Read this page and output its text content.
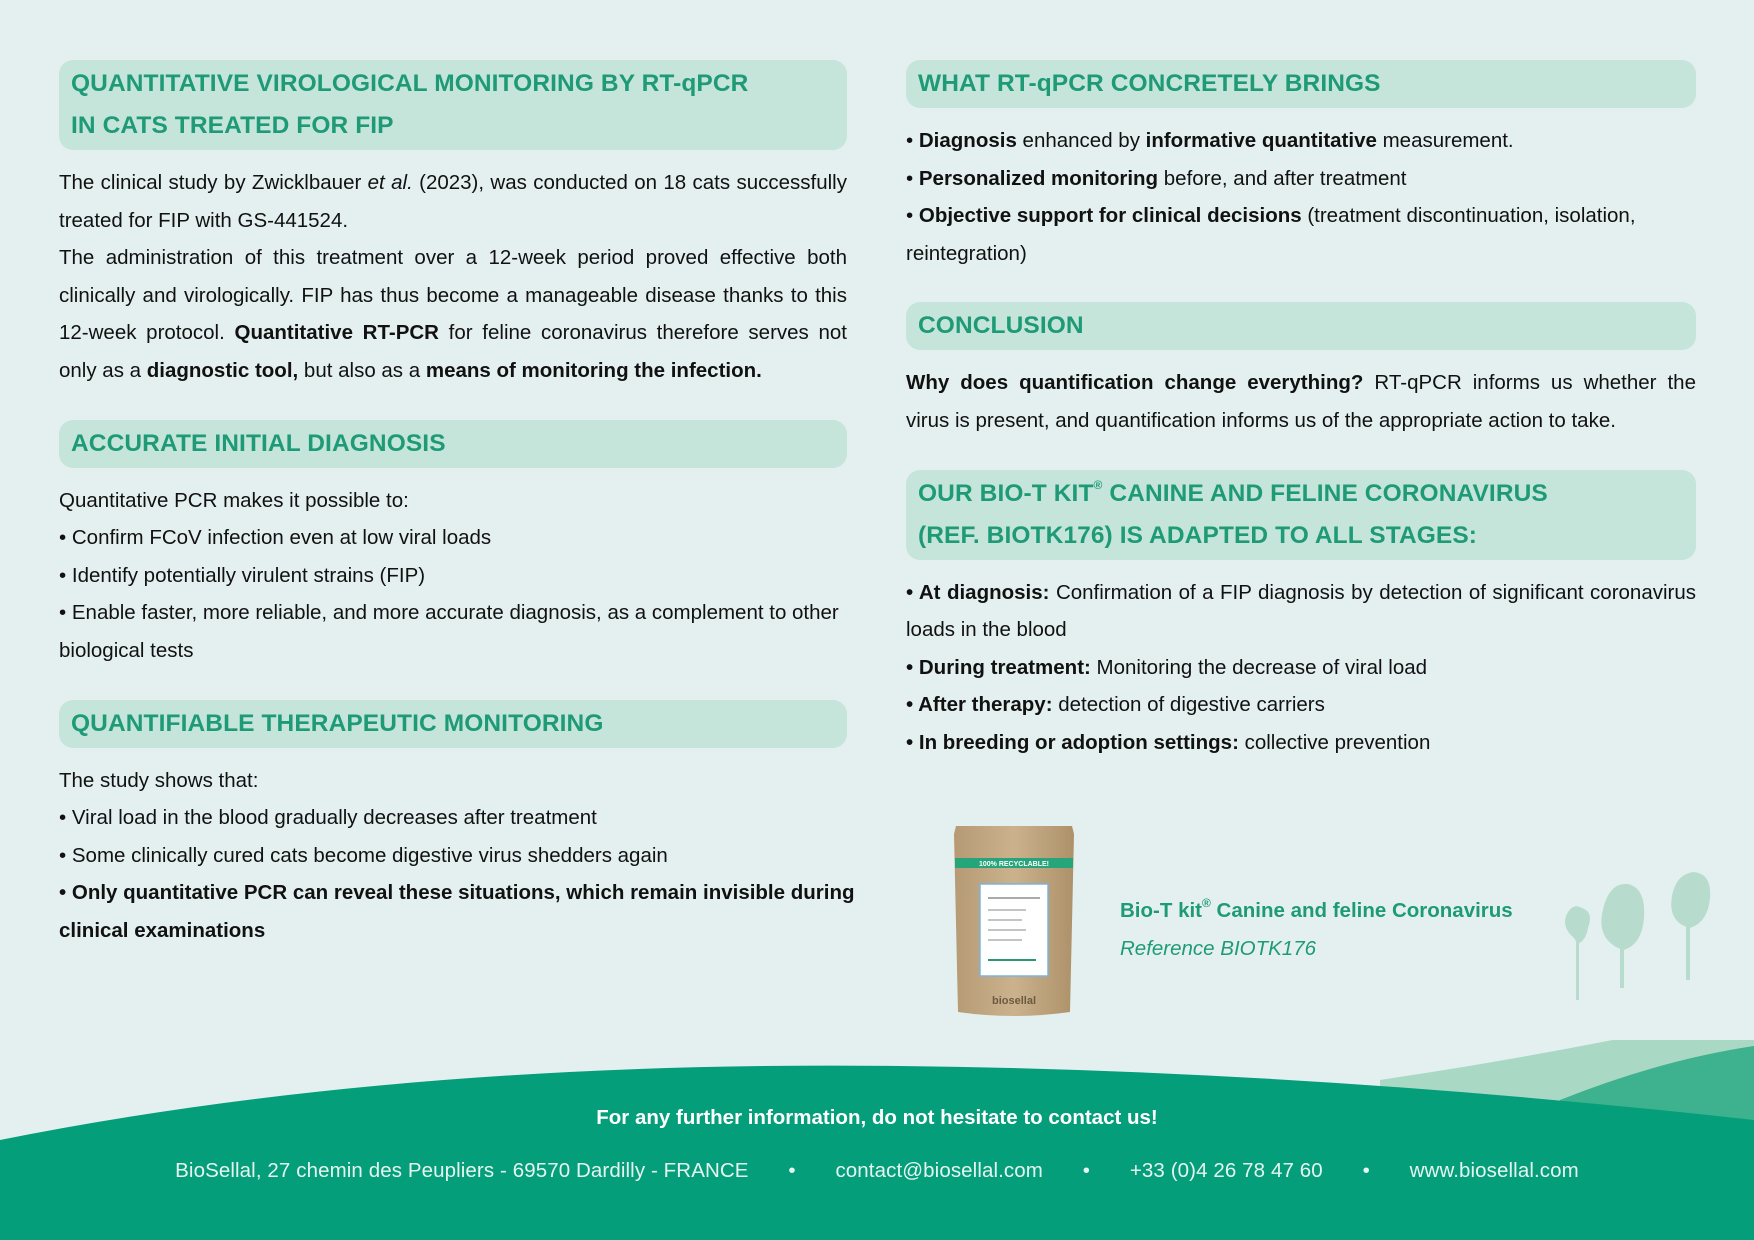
QUANTITATIVE VIROLOGICAL MONITORING BY RT-qPCR
IN CATS TREATED FOR FIP

The clinical study by Zwicklbauer et al. (2023), was conducted on 18 cats successfully treated for FIP with GS-441524.

The administration of this treatment over a 12-week period proved effective both clinically and virologically. FIP has thus become a manageable disease thanks to this 12-week protocol. Quantitative RT-PCR for feline coronavirus therefore serves not only as a diagnostic tool, but also as a means of monitoring the infection.

ACCURATE INITIAL DIAGNOSIS

Quantitative PCR makes it possible to:

• Confirm FCoV infection even at low viral loads
• Identify potentially virulent strains (FIP)
• Enable faster, more reliable, and more accurate diagnosis, as a complement to other biological tests
QUANTIFIABLE THERAPEUTIC MONITORING

The study shows that:

• Viral load in the blood gradually decreases after treatment
• Some clinically cured cats become digestive virus shedders again
• Only quantitative PCR can reveal these situations, which remain invisible during clinical examinations
WHAT RT-qPCR CONCRETELY BRINGS
• Diagnosis enhanced by informative quantitative measurement.
• Personalized monitoring before, and after treatment
• Objective support for clinical decisions (treatment discontinuation, isolation, reintegration)
CONCLUSION

Why does quantification change everything? RT-qPCR informs us whether the virus is present, and quantification informs us of the appropriate action to take.

OUR BIO-T KIT® CANINE AND FELINE CORONAVIRUS
(REF. BIOTK176) IS ADAPTED TO ALL STAGES:
• At diagnosis: Confirmation of a FIP diagnosis by detection of significant coronavirus loads in the blood
• During treatment: Monitoring the decrease of viral load
• After therapy: detection of digestive carriers
• In breeding or adoption settings: collective prevention
100% RECYCLABLE!
biosellal
Bio-T kit® Canine and feline Coronavirus
Reference BIOTK176
For any further information, do not hesitate to contact us!
BioSellal, 27 chemin des Peupliers - 69570 Dardilly - FRANCE • contact@biosellal.com • +33 (0)4 26 78 47 60 • www.biosellal.com
